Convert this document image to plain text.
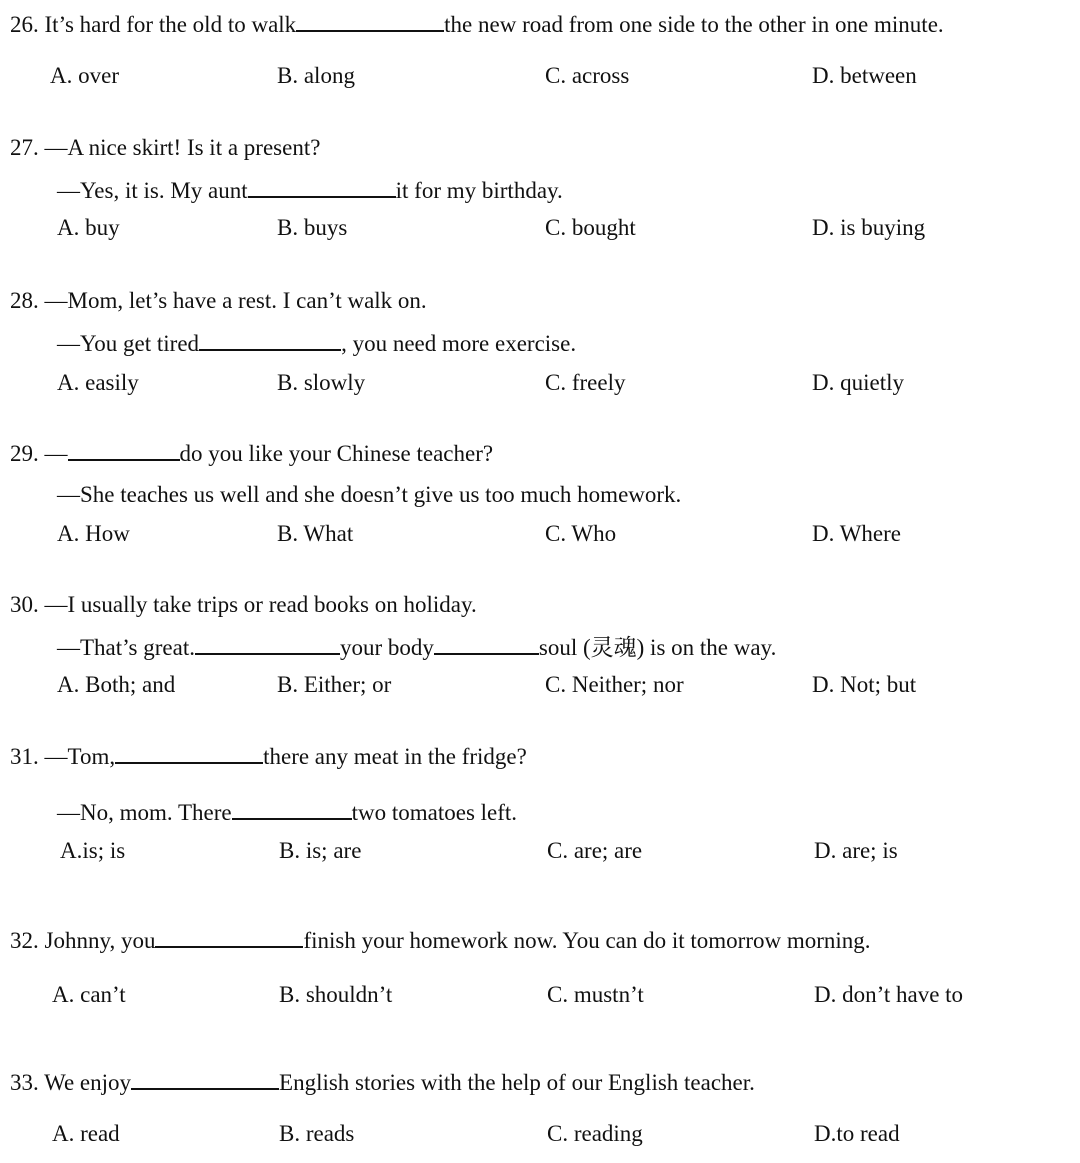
26. It’s hard for the old to walk	the new road from one side to the other in one minute.
A. over	B. along	C. across	D. between
27. —A nice skirt! Is it a present?
—Yes, it is. My aunt	it for my birthday.
A. buy	B. buys	C. bought	D. is buying
28. —Mom, let’s have a rest. I can’t walk on.
—You get tired	, you need more exercise.
A. easily	B. slowly	C. freely	D. quietly
29. —	do you like your Chinese teacher?
—She teaches us well and she doesn’t give us too much homework.
A. How	B. What	C. Who	D. Where
30. —I usually take trips or read books on holiday.
—That’s great.	your body	soul (灵魂) is on the way.
A. Both; and	B. Either; or	C. Neither; nor	D. Not; but
31. —Tom,	there any meat in the fridge?
—No, mom. There	two tomatoes left.
A.is; is	B. is; are	C. are; are	D. are; is
32. Johnny, you	finish your homework now. You can do it tomorrow morning.
A. can’t	B. shouldn’t	C. mustn’t	D. don’t have to
33. We enjoy	English stories with the help of our English teacher.
A. read	B. reads	C. reading	D.to read
